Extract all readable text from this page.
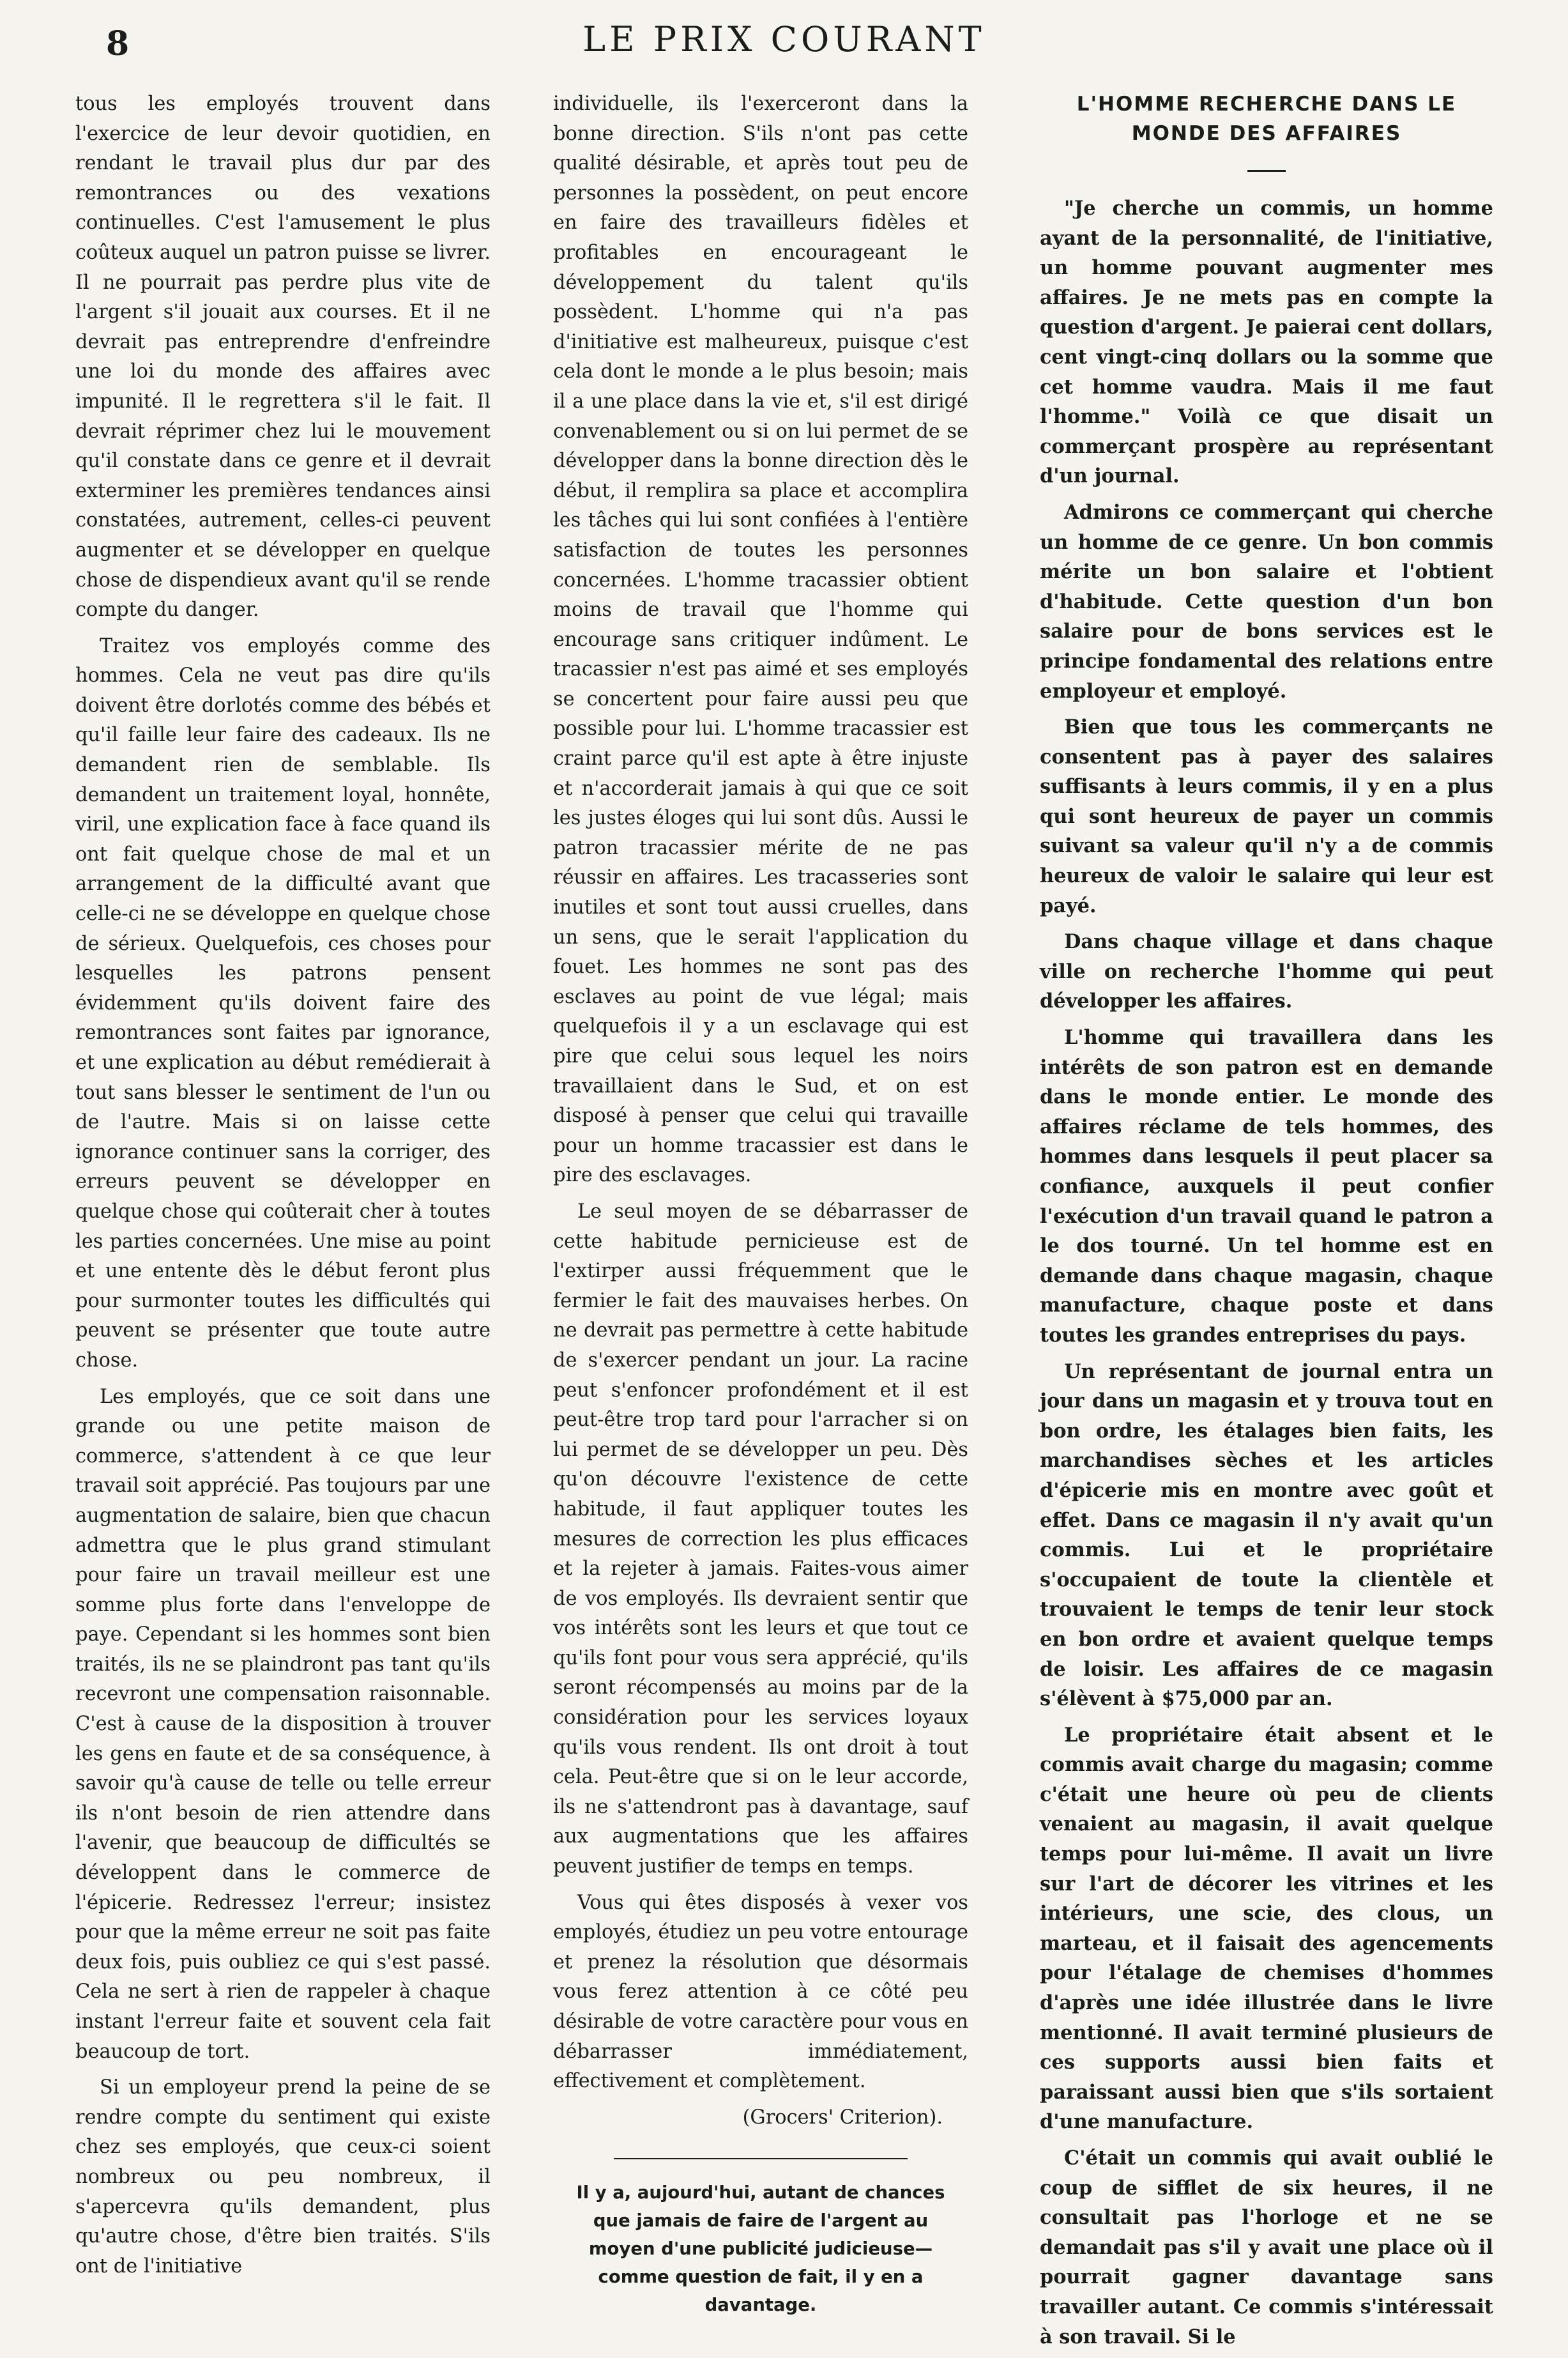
8	LE PRIX COURANT

tous les employés trouvent dans l'exercice de leur devoir quotidien, en rendant le travail plus dur par des remontrances ou des vexations continuelles. C'est l'amusement le plus coûteux auquel un patron puisse se livrer. Il ne pourrait pas perdre plus vite de l'argent s'il jouait aux courses. Et il ne devrait pas entreprendre d'enfreindre une loi du monde des affaires avec impunité. Il le regrettera s'il le fait. Il devrait réprimer chez lui le mouvement qu'il constate dans ce genre et il devrait exterminer les premières tendances ainsi constatées, autrement, celles-ci peuvent augmenter et se développer en quelque chose de dispendieux avant qu'il se rende compte du danger.

Traitez vos employés comme des hommes. Cela ne veut pas dire qu'ils doivent être dorlotés comme des bébés et qu'il faille leur faire des cadeaux. Ils ne demandent rien de semblable. Ils demandent un traitement loyal, honnête, viril, une explication face à face quand ils ont fait quelque chose de mal et un arrangement de la difficulté avant que celle-ci ne se développe en quelque chose de sérieux. Quelquefois, ces choses pour lesquelles les patrons pensent évidemment qu'ils doivent faire des remontrances sont faites par ignorance, et une explication au début remédierait à tout sans blesser le sentiment de l'un ou de l'autre. Mais si on laisse cette ignorance continuer sans la corriger, des erreurs peuvent se développer en quelque chose qui coûterait cher à toutes les parties concernées. Une mise au point et une entente dès le début feront plus pour surmonter toutes les difficultés qui peuvent se présenter que toute autre chose.

Les employés, que ce soit dans une grande ou une petite maison de commerce, s'attendent à ce que leur travail soit apprécié. Pas toujours par une augmentation de salaire, bien que chacun admettra que le plus grand stimulant pour faire un travail meilleur est une somme plus forte dans l'enveloppe de paye. Cependant si les hommes sont bien traités, ils ne se plaindront pas tant qu'ils recevront une compensation raisonnable. C'est à cause de la disposition à trouver les gens en faute et de sa conséquence, à savoir qu'à cause de telle ou telle erreur ils n'ont besoin de rien attendre dans l'avenir, que beaucoup de difficultés se développent dans le commerce de l'épicerie. Redressez l'erreur; insistez pour que la même erreur ne soit pas faite deux fois, puis oubliez ce qui s'est passé. Cela ne sert à rien de rappeler à chaque instant l'erreur faite et souvent cela fait beaucoup de tort.

Si un employeur prend la peine de se rendre compte du sentiment qui existe chez ses employés, que ceux-ci soient nombreux ou peu nombreux, il s'apercevra qu'ils demandent, plus qu'autre chose, d'être bien traités. S'ils ont de l'initiative

individuelle, ils l'exerceront dans la bonne direction. S'ils n'ont pas cette qualité désirable, et après tout peu de personnes la possèdent, on peut encore en faire des travailleurs fidèles et profitables en encourageant le développement du talent qu'ils possèdent. L'homme qui n'a pas d'initiative est malheureux, puisque c'est cela dont le monde a le plus besoin; mais il a une place dans la vie et, s'il est dirigé convenablement ou si on lui permet de se développer dans la bonne direction dès le début, il remplira sa place et accomplira les tâches qui lui sont confiées à l'entière satisfaction de toutes les personnes concernées. L'homme tracassier obtient moins de travail que l'homme qui encourage sans critiquer indûment. Le tracassier n'est pas aimé et ses employés se concertent pour faire aussi peu que possible pour lui. L'homme tracassier est craint parce qu'il est apte à être injuste et n'accorderait jamais à qui que ce soit les justes éloges qui lui sont dûs. Aussi le patron tracassier mérite de ne pas réussir en affaires. Les tracasseries sont inutiles et sont tout aussi cruelles, dans un sens, que le serait l'application du fouet. Les hommes ne sont pas des esclaves au point de vue légal; mais quelquefois il y a un esclavage qui est pire que celui sous lequel les noirs travaillaient dans le Sud, et on est disposé à penser que celui qui travaille pour un homme tracassier est dans le pire des esclavages.

Le seul moyen de se débarrasser de cette habitude pernicieuse est de l'extirper aussi fréquemment que le fermier le fait des mauvaises herbes. On ne devrait pas permettre à cette habitude de s'exercer pendant un jour. La racine peut s'enfoncer profondément et il est peut-être trop tard pour l'arracher si on lui permet de se développer un peu. Dès qu'on découvre l'existence de cette habitude, il faut appliquer toutes les mesures de correction les plus efficaces et la rejeter à jamais. Faites-vous aimer de vos employés. Ils devraient sentir que vos intérêts sont les leurs et que tout ce qu'ils font pour vous sera apprécié, qu'ils seront récompensés au moins par de la considération pour les services loyaux qu'ils vous rendent. Ils ont droit à tout cela. Peut-être que si on le leur accorde, ils ne s'attendront pas à davantage, sauf aux augmentations que les affaires peuvent justifier de temps en temps.

Vous qui êtes disposés à vexer vos employés, étudiez un peu votre entourage et prenez la résolution que désormais vous ferez attention à ce côté peu désirable de votre caractère pour vous en débarrasser immédiatement, effectivement et complètement.

(Grocers' Criterion).

Il y a, aujourd'hui, autant de chances que jamais de faire de l'argent au moyen d'une publicité judicieuse—comme question de fait, il y en a davantage.

L'HOMME RECHERCHE DANS LE MONDE DES AFFAIRES

"Je cherche un commis, un homme ayant de la personnalité, de l'initiative, un homme pouvant augmenter mes affaires. Je ne mets pas en compte la question d'argent. Je paierai cent dollars, cent vingt-cinq dollars ou la somme que cet homme vaudra. Mais il me faut l'homme." Voilà ce que disait un commerçant prospère au représentant d'un journal.

Admirons ce commerçant qui cherche un homme de ce genre. Un bon commis mérite un bon salaire et l'obtient d'habitude. Cette question d'un bon salaire pour de bons services est le principe fondamental des relations entre employeur et employé.

Bien que tous les commerçants ne consentent pas à payer des salaires suffisants à leurs commis, il y en a plus qui sont heureux de payer un commis suivant sa valeur qu'il n'y a de commis heureux de valoir le salaire qui leur est payé.

Dans chaque village et dans chaque ville on recherche l'homme qui peut développer les affaires.

L'homme qui travaillera dans les intérêts de son patron est en demande dans le monde entier. Le monde des affaires réclame de tels hommes, des hommes dans lesquels il peut placer sa confiance, auxquels il peut confier l'exécution d'un travail quand le patron a le dos tourné. Un tel homme est en demande dans chaque magasin, chaque manufacture, chaque poste et dans toutes les grandes entreprises du pays.

Un représentant de journal entra un jour dans un magasin et y trouva tout en bon ordre, les étalages bien faits, les marchandises sèches et les articles d'épicerie mis en montre avec goût et effet. Dans ce magasin il n'y avait qu'un commis. Lui et le propriétaire s'occupaient de toute la clientèle et trouvaient le temps de tenir leur stock en bon ordre et avaient quelque temps de loisir. Les affaires de ce magasin s'élèvent à $75,000 par an.

Le propriétaire était absent et le commis avait charge du magasin; comme c'était une heure où peu de clients venaient au magasin, il avait quelque temps pour lui-même. Il avait un livre sur l'art de décorer les vitrines et les intérieurs, une scie, des clous, un marteau, et il faisait des agencements pour l'étalage de chemises d'hommes d'après une idée illustrée dans le livre mentionné. Il avait terminé plusieurs de ces supports aussi bien faits et paraissant aussi bien que s'ils sortaient d'une manufacture.

C'était un commis qui avait oublié le coup de sifflet de six heures, il ne consultait pas l'horloge et ne se demandait pas s'il y avait une place où il pourrait gagner davantage sans travailler autant. Ce commis s'intéressait à son travail. Si le
